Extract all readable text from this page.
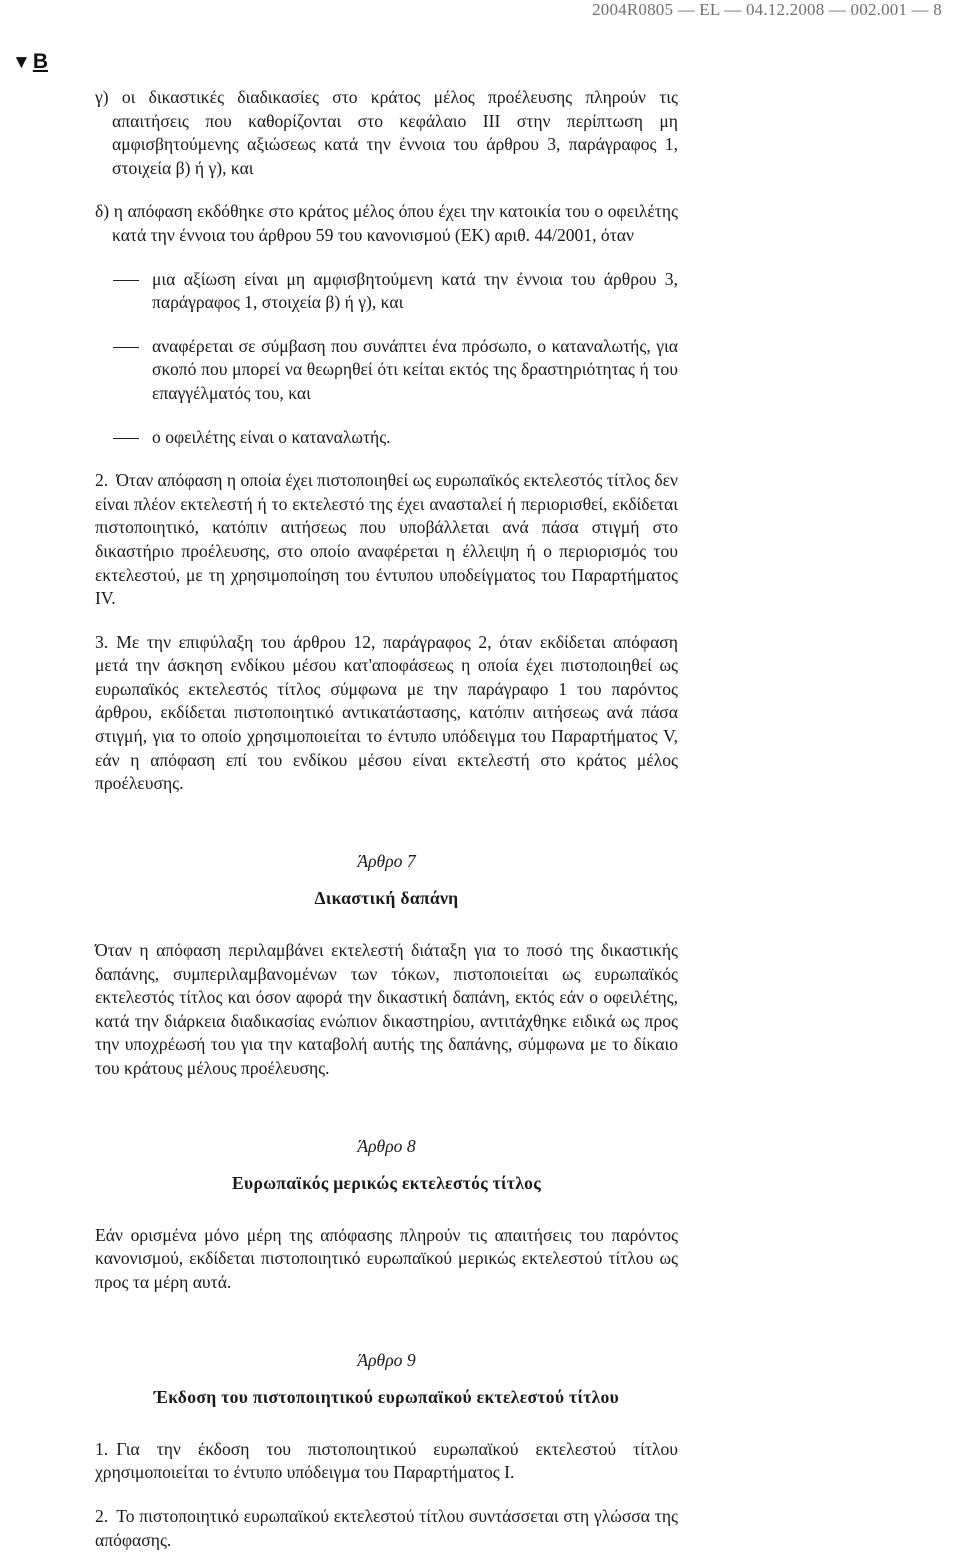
2004R0805 — EL — 04.12.2008 — 002.001 — 8
▼B

γ) οι δικαστικές διαδικασίες στο κράτος μέλος προέλευσης πληρούν τις απαιτήσεις που καθορίζονται στο κεφάλαιο III στην περίπτωση μη αμφισβητούμενης αξιώσεως κατά την έννοια του άρθρου 3, παράγραφος 1, στοιχεία β) ή γ), και

δ) η απόφαση εκδόθηκε στο κράτος μέλος όπου έχει την κατοικία του ο οφειλέτης κατά την έννοια του άρθρου 59 του κανονισμού (ΕΚ) αριθ. 44/2001, όταν

μια αξίωση είναι μη αμφισβητούμενη κατά την έννοια του άρθρου 3, παράγραφος 1, στοιχεία β) ή γ), και

αναφέρεται σε σύμβαση που συνάπτει ένα πρόσωπο, ο καταναλωτής, για σκοπό που μπορεί να θεωρηθεί ότι κείται εκτός της δραστηριότητας ή του επαγγέλματός του, και

ο οφειλέτης είναι ο καταναλωτής.

2. Όταν απόφαση η οποία έχει πιστοποιηθεί ως ευρωπαϊκός εκτελεστός τίτλος δεν είναι πλέον εκτελεστή ή το εκτελεστό της έχει ανασταλεί ή περιορισθεί, εκδίδεται πιστοποιητικό, κατόπιν αιτήσεως που υποβάλλεται ανά πάσα στιγμή στο δικαστήριο προέλευσης, στο οποίο αναφέρεται η έλλειψη ή ο περιορισμός του εκτελεστού, με τη χρησιμοποίηση του έντυπου υποδείγματος του Παραρτήματος IV.

3. Με την επιφύλαξη του άρθρου 12, παράγραφος 2, όταν εκδίδεται απόφαση μετά την άσκηση ενδίκου μέσου κατ'αποφάσεως η οποία έχει πιστοποιηθεί ως ευρωπαϊκός εκτελεστός τίτλος σύμφωνα με την παράγραφο 1 του παρόντος άρθρου, εκδίδεται πιστοποιητικό αντικατάστασης, κατόπιν αιτήσεως ανά πάσα στιγμή, για το οποίο χρησιμοποιείται το έντυπο υπόδειγμα του Παραρτήματος V, εάν η απόφαση επί του ενδίκου μέσου είναι εκτελεστή στο κράτος μέλος προέλευσης.

Άρθρο 7

Δικαστική δαπάνη

Όταν η απόφαση περιλαμβάνει εκτελεστή διάταξη για το ποσό της δικαστικής δαπάνης, συμπεριλαμβανομένων των τόκων, πιστοποιείται ως ευρωπαϊκός εκτελεστός τίτλος και όσον αφορά την δικαστική δαπάνη, εκτός εάν ο οφειλέτης, κατά την διάρκεια διαδικασίας ενώπιον δικαστηρίου, αντιτάχθηκε ειδικά ως προς την υποχρέωσή του για την καταβολή αυτής της δαπάνης, σύμφωνα με το δίκαιο του κράτους μέλους προέλευσης.

Άρθρο 8

Ευρωπαϊκός μερικώς εκτελεστός τίτλος

Εάν ορισμένα μόνο μέρη της απόφασης πληρούν τις απαιτήσεις του παρόντος κανονισμού, εκδίδεται πιστοποιητικό ευρωπαϊκού μερικώς εκτελεστού τίτλου ως προς τα μέρη αυτά.

Άρθρο 9

Έκδοση του πιστοποιητικού ευρωπαϊκού εκτελεστού τίτλου

1. Για την έκδοση του πιστοποιητικού ευρωπαϊκού εκτελεστού τίτλου χρησιμοποιείται το έντυπο υπόδειγμα του Παραρτήματος I.

2. Το πιστοποιητικό ευρωπαϊκού εκτελεστού τίτλου συντάσσεται στη γλώσσα της απόφασης.
